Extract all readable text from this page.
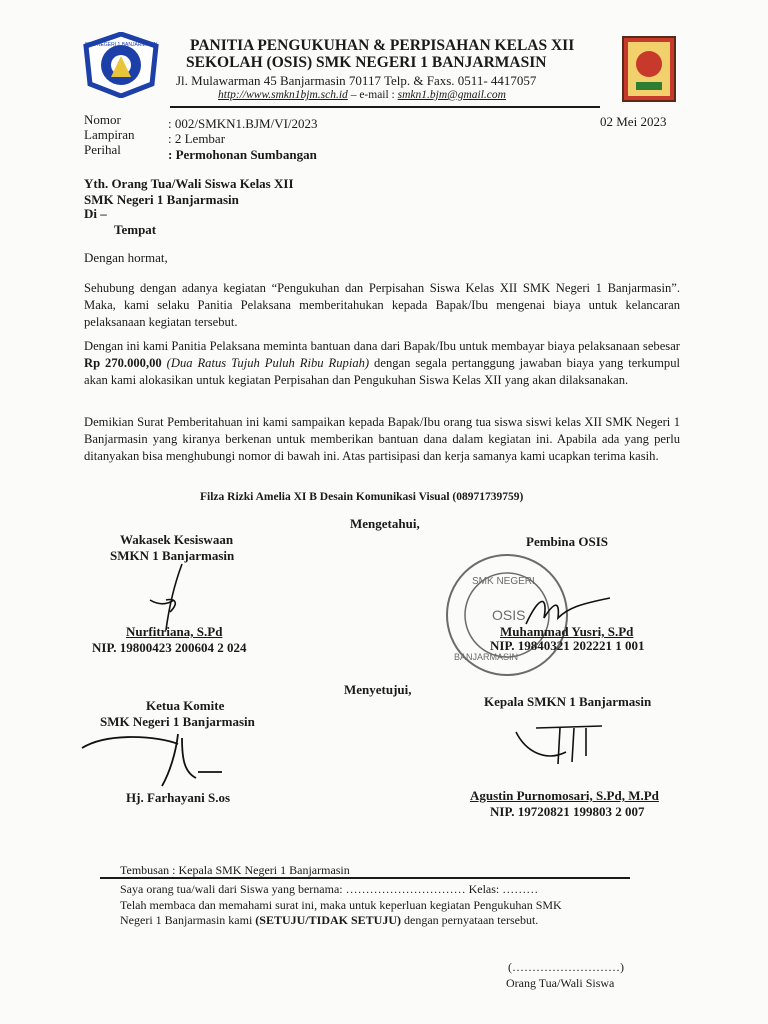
SMK NEGERI 1 BANJARMASIN PANITIA PENGUKUHAN & PERPISAHAN KELAS XII
SEKOLAH (OSIS) SMK NEGERI 1 BANJARMASIN
Jl. Mulawarman 45 Banjarmasin 70117 Telp. & Faxs. 0511- 4417057
http://www.smkn1bjm.sch.id – e-mail : smkn1.bjm@gmail.com
Nomor	: 002/SMKN1.BJM/VI/2023
Lampiran	: 2 Lembar
Perihal	: Permohonan Sumbangan
02 Mei 2023
Yth. Orang Tua/Wali Siswa Kelas XII
SMK Negeri 1 Banjarmasin
Di –
Tempat
Dengan hormat,

Sehubung dengan adanya kegiatan “Pengukuhan dan Perpisahan Siswa Kelas XII SMK Negeri 1 Banjarmasin”. Maka, kami selaku Panitia Pelaksana memberitahukan kepada Bapak/Ibu mengenai biaya untuk kelancaran pelaksanaan kegiatan tersebut.

Dengan ini kami Panitia Pelaksana meminta bantuan dana dari Bapak/Ibu untuk membayar biaya pelaksanaan sebesar Rp 270.000,00 (Dua Ratus Tujuh Puluh Ribu Rupiah) dengan segala pertanggung jawaban biaya yang terkumpul akan kami alokasikan untuk kegiatan Perpisahan dan Pengukuhan Siswa Kelas XII yang akan dilaksanakan.

Demikian Surat Pemberitahuan ini kami sampaikan kepada Bapak/Ibu orang tua siswa siswi kelas XII SMK Negeri 1 Banjarmasin yang kiranya berkenan untuk memberikan bantuan dana dalam kegiatan ini. Apabila ada yang perlu ditanyakan bisa menghubungi nomor di bawah ini. Atas partisipasi dan kerja samanya kami ucapkan terima kasih.

Filza Rizki Amelia XI B Desain Komunikasi Visual (08971739759)
Mengetahui,
Wakasek Kesiswaan
SMKN 1 Banjarmasin
Nurfitriana, S.Pd
NIP. 19800423 200604 2 024
Pembina OSIS
SMK NEGERI
BANJARMASIN
OSIS
Muhammad Yusri, S.Pd
NIP. 19840321 202221 1 001
Menyetujui,
Ketua Komite
SMK Negeri 1 Banjarmasin
Hj. Farhayani S.os
Kepala SMKN 1 Banjarmasin
Agustin Purnomosari, S.Pd, M.Pd
NIP. 19720821 199803 2 007
Tembusan : Kepala SMK Negeri 1 Banjarmasin
Saya orang tua/wali dari Siswa yang bernama: ………………………… Kelas: ………
Telah membaca dan memahami surat ini, maka untuk keperluan kegiatan Pengukuhan SMK
Negeri 1 Banjarmasin kami (SETUJU/TIDAK SETUJU) dengan pernyataan tersebut.
(………………………)
Orang Tua/Wali Siswa
